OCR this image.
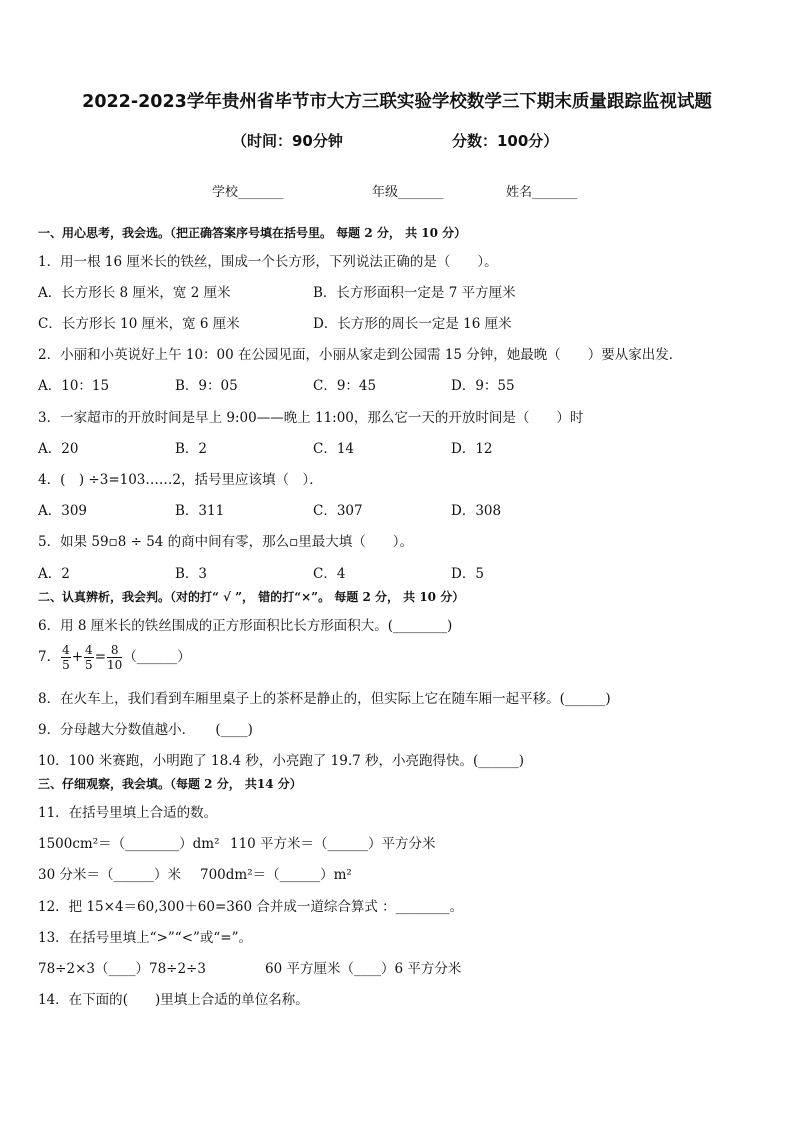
2022-2023学年贵州省毕节市大方三联实验学校数学三下期末质量跟踪监视试题
（时间：90分钟	分数：100分）
学校_______	年级_______	姓名_______
一、用心思考，我会选。（把正确答案序号填在括号里。 每题 2 分， 共 10 分）
1．用一根 16 厘米长的铁丝，围成一个长方形，下列说法正确的是（　　）。
A．长方形长 8 厘米，宽 2 厘米	B．长方形面积一定是 7 平方厘米
C．长方形长 10 厘米，宽 6 厘米	D．长方形的周长一定是 16 厘米
2．小丽和小英说好上午 10：00 在公园见面，小丽从家走到公园需 15 分钟，她最晚（　　）要从家出发．
A．10：15	B．9：05	C．9：45	D．9：55
3．一家超市的开放时间是早上 9:00——晚上 11:00，那么它一天的开放时间是（　　）时
A．20	B．2	C．14	D．12
4．(　) ÷3=103……2，括号里应该填（　）．
A．309	B．311	C．307	D．308
5．如果 59▫8 ÷ 54 的商中间有零，那么▫里最大填（　　）。
A．2	B．3	C．4	D．5
二、认真辨析，我会判。（对的打“ √ ”， 错的打“×”。 每题 2 分， 共 10 分）
6．用 8 厘米长的铁丝围成的正方形面积比长方形面积大。(________)
7． $\frac{4}{5} + \frac{4}{5} = \frac{8}{10}$ （______）
8．在火车上，我们看到车厢里桌子上的茶杯是静止的，但实际上它在随车厢一起平移。(______)
9．分母越大分数值越小．　　(____)
10．100 米赛跑，小明跑了 18.4 秒，小亮跑了 19.7 秒，小亮跑得快。(______)
三、仔细观察，我会填。（每题 2 分， 共14 分）
11．在括号里填上合适的数。
1500cm²＝（________）dm² 110 平方米＝（______）平方分米
30 分米＝（______）米 700dm²＝（______）m²
12．把 15×4＝60,300＋60=360 合并成一道综合算式 ：________。
13．在括号里填上“>”“<”或“=”。
78÷2×3（____）78÷2÷3	60 平方厘米（____）6 平方分米
14．在下面的(　　)里填上合适的单位名称。
